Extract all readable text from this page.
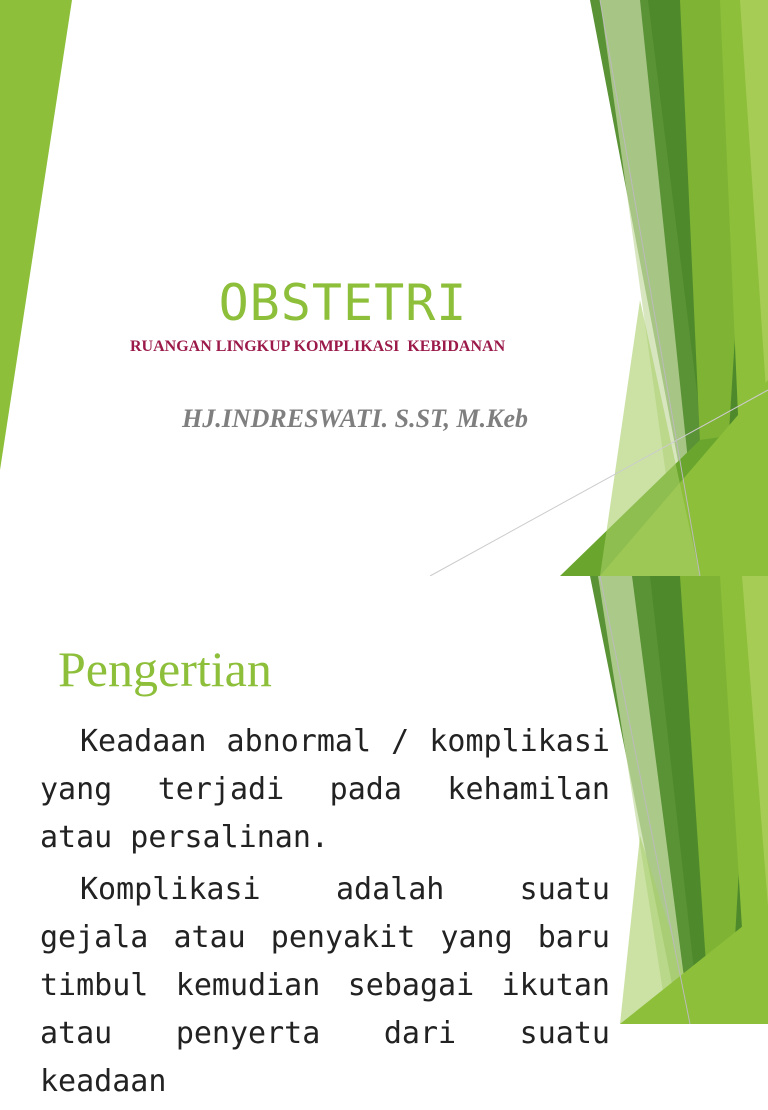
OBSTETRI

RUANGAN LINGKUP KOMPLIKASI  KEBIDANAN

HJ.INDRESWATI. S.ST, M.Keb

Pengertian

Keadaan abnormal / komplikasi yang terjadi pada kehamilan atau persalinan.

Komplikasi adalah suatu gejala atau penyakit yang baru timbul kemudian sebagai ikutan atau penyerta dari suatu keadaan
